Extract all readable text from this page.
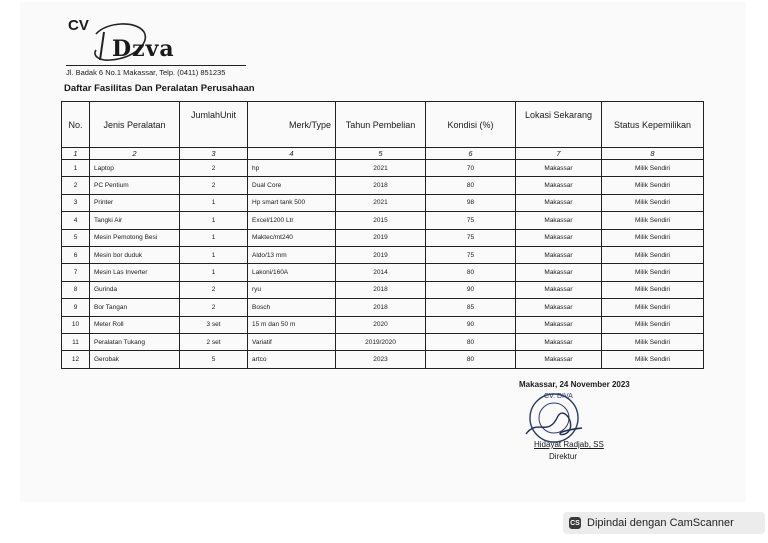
CV
Dzva
Jl. Badak 6 No.1 Makassar, Telp. (0411) 851235
Daftar Fasilitas Dan Peralatan Perusahaan
No.	Jenis Peralatan	JumlahUnit	Merk/Type	Tahun Pembelian	Kondisi (%)	Lokasi Sekarang	Status Kepemilikan
1	2	3	4	5	6	7	8
1	Laptop	2	hp	2021	70	Makassar	Milik Sendiri
2	PC Pentium	2	Dual Core	2018	80	Makassar	Milik Sendiri
3	Printer	1	Hp smart tank 500	2021	98	Makassar	Milik Sendiri
4	Tangki Air	1	Excel/1200 Ltr	2015	75	Makassar	Milik Sendiri
5	Mesin Pemotong Besi	1	Maktec/mt240	2019	75	Makassar	Milik Sendiri
6	Mesin bor duduk	1	Aldo/13 mm	2019	75	Makassar	Milik Sendiri
7	Mesin Las Inverter	1	Lakoni/160A	2014	80	Makassar	Milik Sendiri
8	Gurinda	2	ryu	2018	90	Makassar	Milik Sendiri
9	Bor Tangan	2	Bosch	2018	85	Makassar	Milik Sendiri
10	Meter Roll	3 set	15 m dan 50 m	2020	90	Makassar	Milik Sendiri
11	Peralatan Tukang	2 set	Variatif	2019/2020	80	Makassar	Milik Sendiri
12	Gerobak	5	artco	2023	80	Makassar	Milik Sendiri
Makassar, 24 November 2023
CV. DIVA
Hidayat Radjab, SS
Direktur
CS Dipindai dengan CamScanner
